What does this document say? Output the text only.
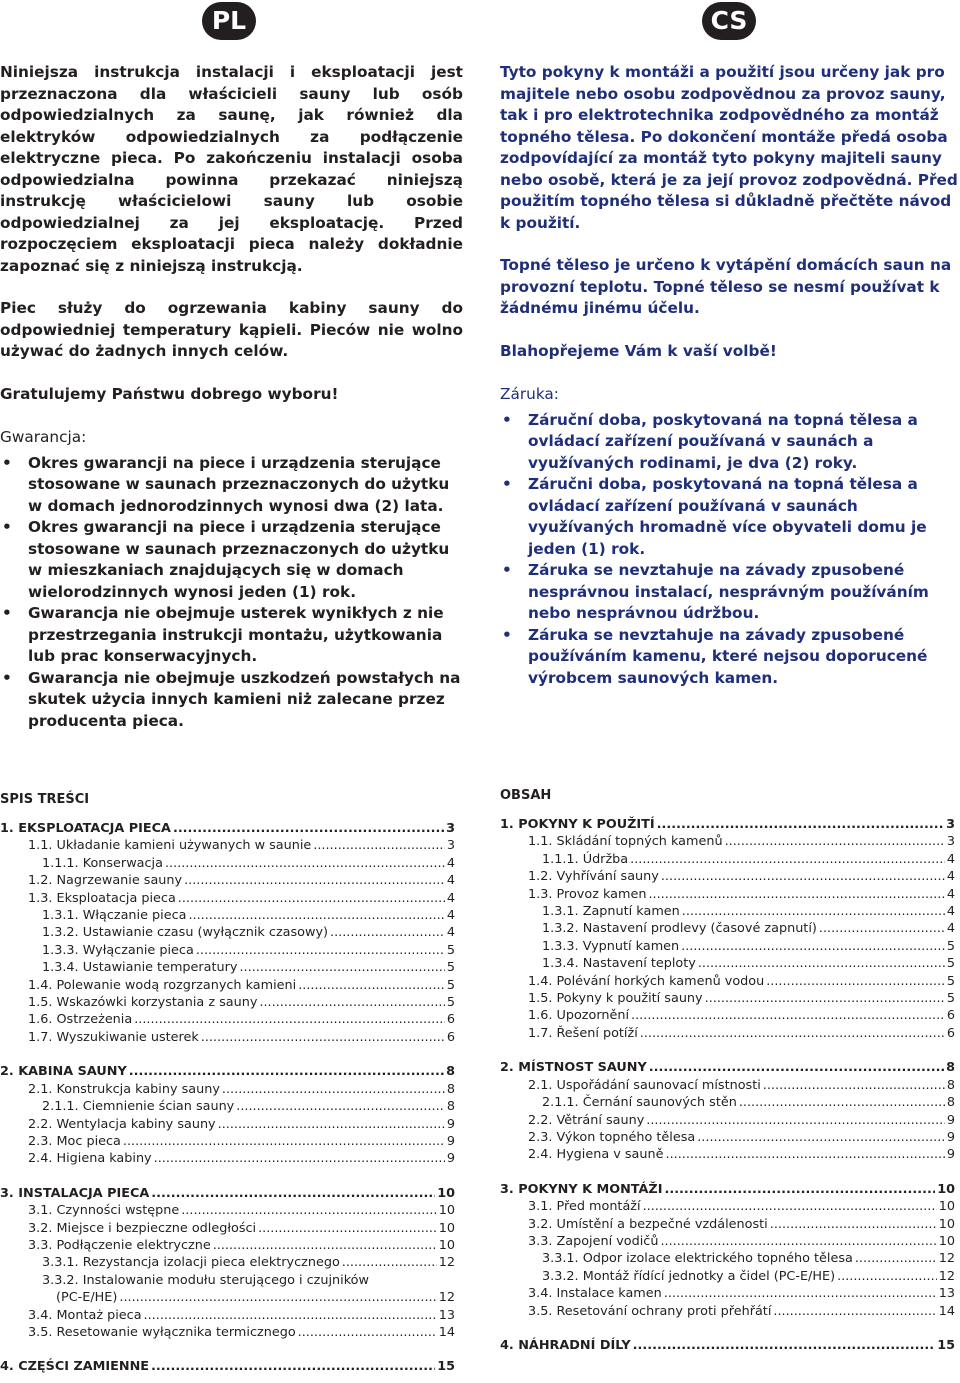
PL

Niniejsza instrukcja instalacji i eksploatacji jest przeznaczona dla właścicieli sauny lub osób odpowiedzialnych za saunę, jak również dla elektryków odpowiedzialnych za podłączenie elektryczne pieca. Po zakończeniu instalacji osoba odpowiedzialna powinna przekazać niniejszą instrukcję właścicielowi sauny lub osobie odpowiedzialnej za jej eksploatację. Przed rozpoczęciem eksploatacji pieca należy dokładnie zapoznać się z niniejszą instrukcją.

Piec służy do ogrzewania kabiny sauny do odpowiedniej temperatury kąpieli. Pieców nie wolno używać do żadnych innych celów.

Gratulujemy Państwu dobrego wyboru!

Gwarancja:

• Okres gwarancji na piece i urządzenia sterujące stosowane w saunach przeznaczonych do użytku w domach jednorodzinnych wynosi dwa (2) lata.
• Okres gwarancji na piece i urządzenia sterujące stosowane w saunach przeznaczonych do użytku w mieszkaniach znajdujących się w domach wielorodzinnych wynosi jeden (1) rok.
• Gwarancja nie obejmuje usterek wynikłych z nie przestrzegania instrukcji montażu, użytkowania lub prac konserwacyjnych.
• Gwarancja nie obejmuje uszkodzeń powstałych na skutek użycia innych kamieni niż zalecane przez producenta pieca.
SPIS TREŚCI
1. EKSPLOATACJA PIECA .....	3
1.1. Układanie kamieni używanych w saunie .....	3
1.1.1. Konserwacja .....	4
1.2. Nagrzewanie sauny .....	4
1.3. Eksploatacja pieca .....	4
1.3.1. Włączanie pieca .....	4
1.3.2. Ustawianie czasu (wyłącznik czasowy) .....	4
1.3.3. Wyłączanie pieca .....	5
1.3.4. Ustawianie temperatury .....	5
1.4. Polewanie wodą rozgrzanych kamieni .....	5
1.5. Wskazówki korzystania z sauny .....	5
1.6. Ostrzeżenia .....	6
1.7. Wyszukiwanie usterek .....	6
2. KABINA SAUNY .....	8
2.1. Konstrukcja kabiny sauny .....	8
2.1.1. Ciemnienie ścian sauny .....	8
2.2. Wentylacja kabiny sauny .....	9
2.3. Moc pieca .....	9
2.4. Higiena kabiny .....	9
3. INSTALACJA PIECA .....	10
3.1. Czynności wstępne .....	10
3.2. Miejsce i bezpieczne odległości .....	10
3.3. Podłączenie elektryczne .....	10
3.3.1. Rezystancja izolacji pieca elektrycznego .....	12
3.3.2. Instalowanie modułu sterującego i czujników
(PC-E/HE) .....	12
3.4. Montaż pieca .....	13
3.5. Resetowanie wyłącznika termicznego .....	14
4. CZĘŚCI ZAMIENNE .....	15
CS

Tyto pokyny k montáži a použití jsou určeny jak pro majitele nebo osobu zodpovědnou za provoz sauny, tak i pro elektrotechnika zodpovědného za montáž topného tělesa. Po dokončení montáže předá osoba zodpovídající za montáž tyto pokyny majiteli sauny nebo osobě, která je za její provoz zodpovědná. Před použitím topného tělesa si důkladně přečtěte návod k použití.

Topné těleso je určeno k vytápění domácích saun na provozní teplotu. Topné těleso se nesmí používat k žádnému jinému účelu.

Blahopřejeme Vám k vaší volbě!

Záruka:

• Záruční doba, poskytovaná na topná tělesa a ovládací zařízení používaná v saunách a využívaných rodinami, je dva (2) roky.
• Záručni doba, poskytovaná na topná tělesa a ovládací zařízení používaná v saunách využívaných hromadně více obyvateli domu je jeden (1) rok.
• Záruka se nevztahuje na závady zpusobené nesprávnou instalací, nesprávným používáním nebo nesprávnou údržbou.
• Záruka se nevztahuje na závady zpusobené používáním kamenu, které nejsou doporucené výrobcem saunových kamen.
OBSAH
1. POKYNY K POUŽITÍ .....	3
1.1. Skládání topných kamenů .....	3
1.1.1. Údržba .....	4
1.2. Vyhřívání sauny .....	4
1.3. Provoz kamen .....	4
1.3.1. Zapnutí kamen .....	4
1.3.2. Nastavení prodlevy (časové zapnutí) .....	4
1.3.3. Vypnutí kamen .....	5
1.3.4. Nastavení teploty .....	5
1.4. Polévání horkých kamenů vodou .....	5
1.5. Pokyny k použití sauny .....	5
1.6. Upozornění .....	6
1.7. Řešení potíží .....	6
2. MÍSTNOST SAUNY .....	8
2.1. Uspořádání saunovací místnosti .....	8
2.1.1. Černání saunových stěn .....	8
2.2. Větrání sauny .....	9
2.3. Výkon topného tělesa .....	9
2.4. Hygiena v sauně .....	9
3. POKYNY K MONTÁŽI .....	10
3.1. Před montáží .....	10
3.2. Umístění a bezpečné vzdálenosti .....	10
3.3. Zapojení vodičů .....	10
3.3.1. Odpor izolace elektrického topného tělesa .....	12
3.3.2. Montáž řídící jednotky a čidel (PC-E/HE) .....	12
3.4. Instalace kamen .....	13
3.5. Resetování ochrany proti přehřátí .....	14
4. NÁHRADNÍ DÍLY .....	15
